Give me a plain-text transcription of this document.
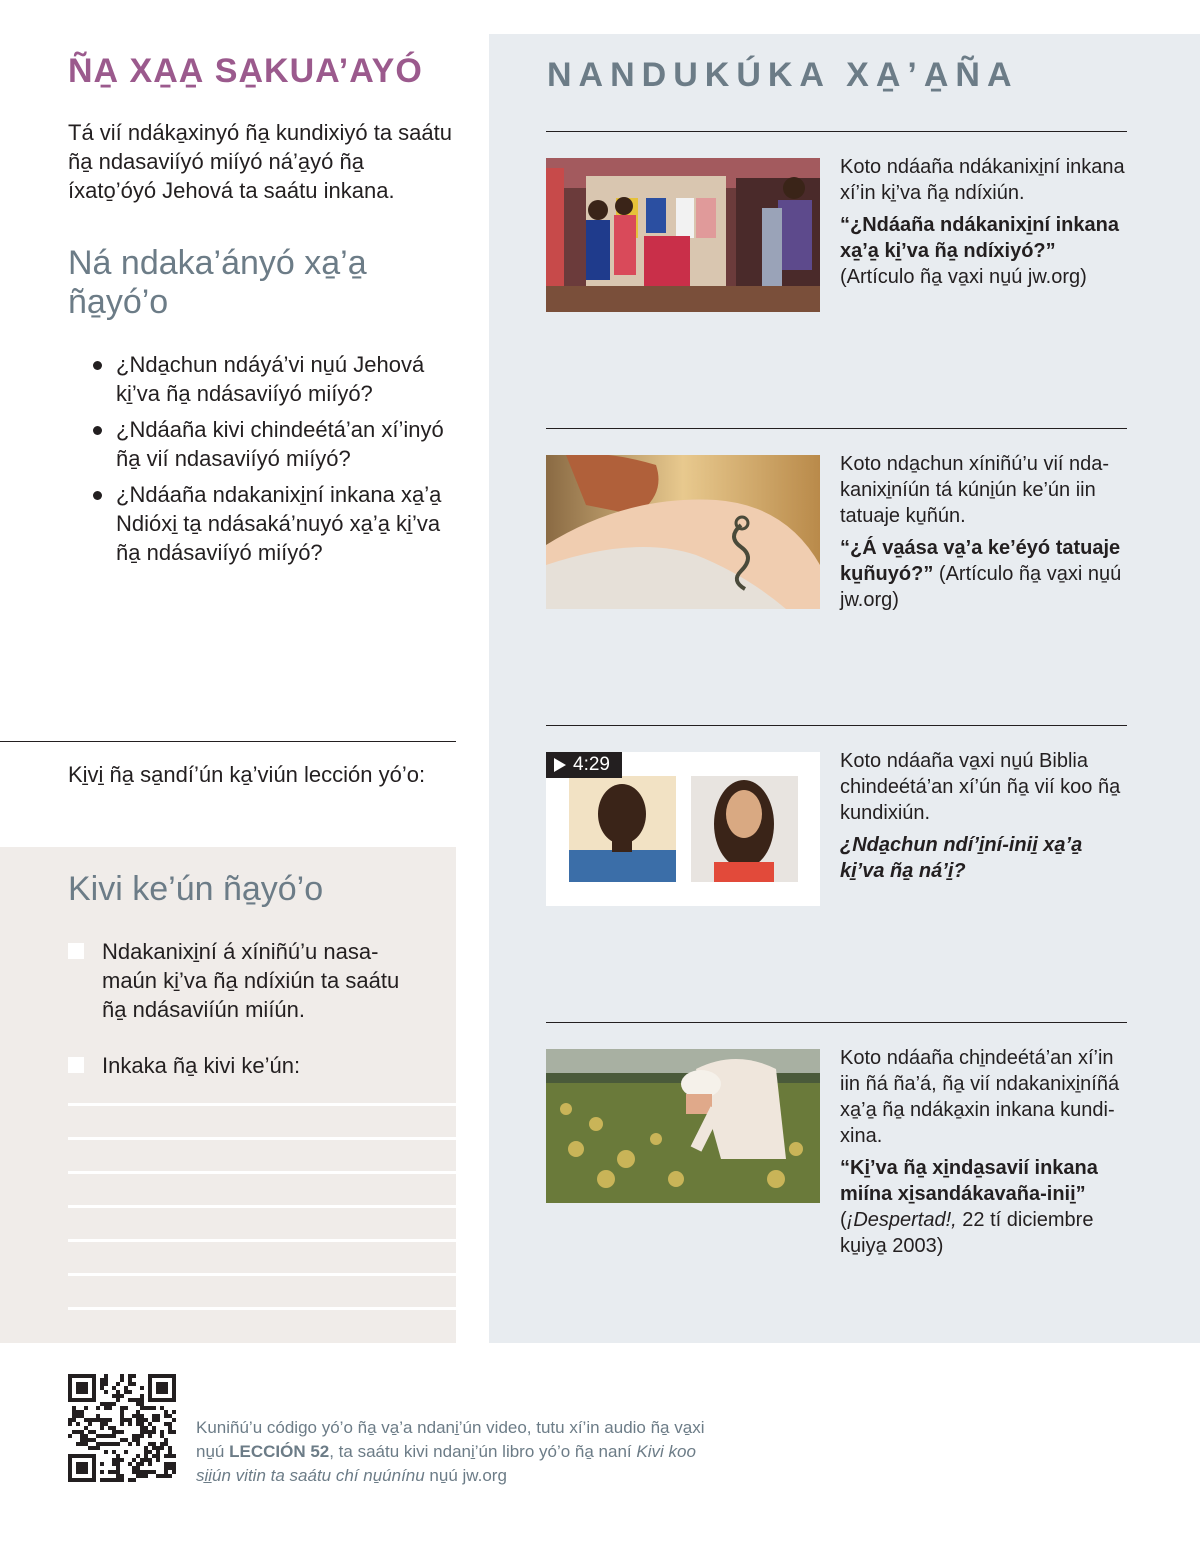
ÑA̱ XA̱A̱ SA̱KUA’AYÓ
Tá vií ndáka̱xinyó ña̱ kundixiyó ta saátu ña̱ ndasaviíyó miíyó ná’a̱yó ña̱ íxato̱’óyó Jehová ta saátu inkana.
Ná ndaka’ányó xa̱’a̱ ña̱yó’o
¿Nda̱chun ndáyá’vi nu̱ú Jehová ki̱’va ña̱ ndásaviíyó miíyó?
¿Ndáaña kivi chindeétá’an xí’inyó ña̱ vií ndasaviíyó miíyó?
¿Ndáaña ndakanixi̱ní inkana xa̱’a̱ Ndióxi̱ ta̱ ndásaká’nuyó xa̱’a̱ ki̱’va ña̱ ndásaviíyó miíyó?
Ki̱vi̱ ña̱ sa̱ndí’ún ka̱’viún lección yó’o:
Kivi ke’ún ña̱yó’o
Ndakanixi̱ní á xíniñú’u nasamaún ki̱’va ña̱ ndíxiún ta saátu ña̱ ndásaviíún miíún.
Inkaka ña̱ kivi ke’ún:
NANDUKÚKA XA̱’A̱ÑA
Koto ndáaña ndákanixi̱ní inkana xí’in ki̱’va ña̱ ndíxiún.
“¿Ndáaña ndákanixi̱ní inkana xa̱’a̱ ki̱’va ña̱ ndíxiyó?” (Artículo ña̱ va̱xi nu̱ú jw.org)
Koto nda̱chun xíniñú’u vií ndakanixi̱níún tá kúni̱ún ke’ún iin tatuaje ku̱ñún.
“¿Á va̱ása va̱’a ke’éyó tatuaje ku̱ñuyó?” (Artículo ña̱ va̱xi nu̱ú jw.org)
4:29	Koto ndáaña va̱xi nu̱ú Biblia chindeétá’an xí’ún ña̱ vií koo ña̱ kundixiún.
¿Nda̱chun ndí’i̱ní-inii̱ xa̱’a̱ ki̱’va ña̱ ná’i̱?
Koto ndáaña chi̱ndeétá’an xí’in iin ñá ña’á, ña̱ vií ndakanixi̱níñá xa̱’a̱ ña̱ ndáka̱xin inkana kundixina.
“Ki̱’va ña̱ xi̱nda̱savií inkana miína xi̱sandákavaña-inii̱” (¡Despertad!, 22 tí diciembre ku̱iya̱ 2003)
Kuniñú’u código yó’o ña̱ va̱’a ndani̱’ún video, tutu xí’in audio ña̱ va̱xi nu̱ú LECCIÓN 52, ta saátu kivi ndani̱’ún libro yó’o ña̱ naní Kivi koo si̱i̱ún vitin ta saátu chí nu̱únínu nu̱ú jw.org
